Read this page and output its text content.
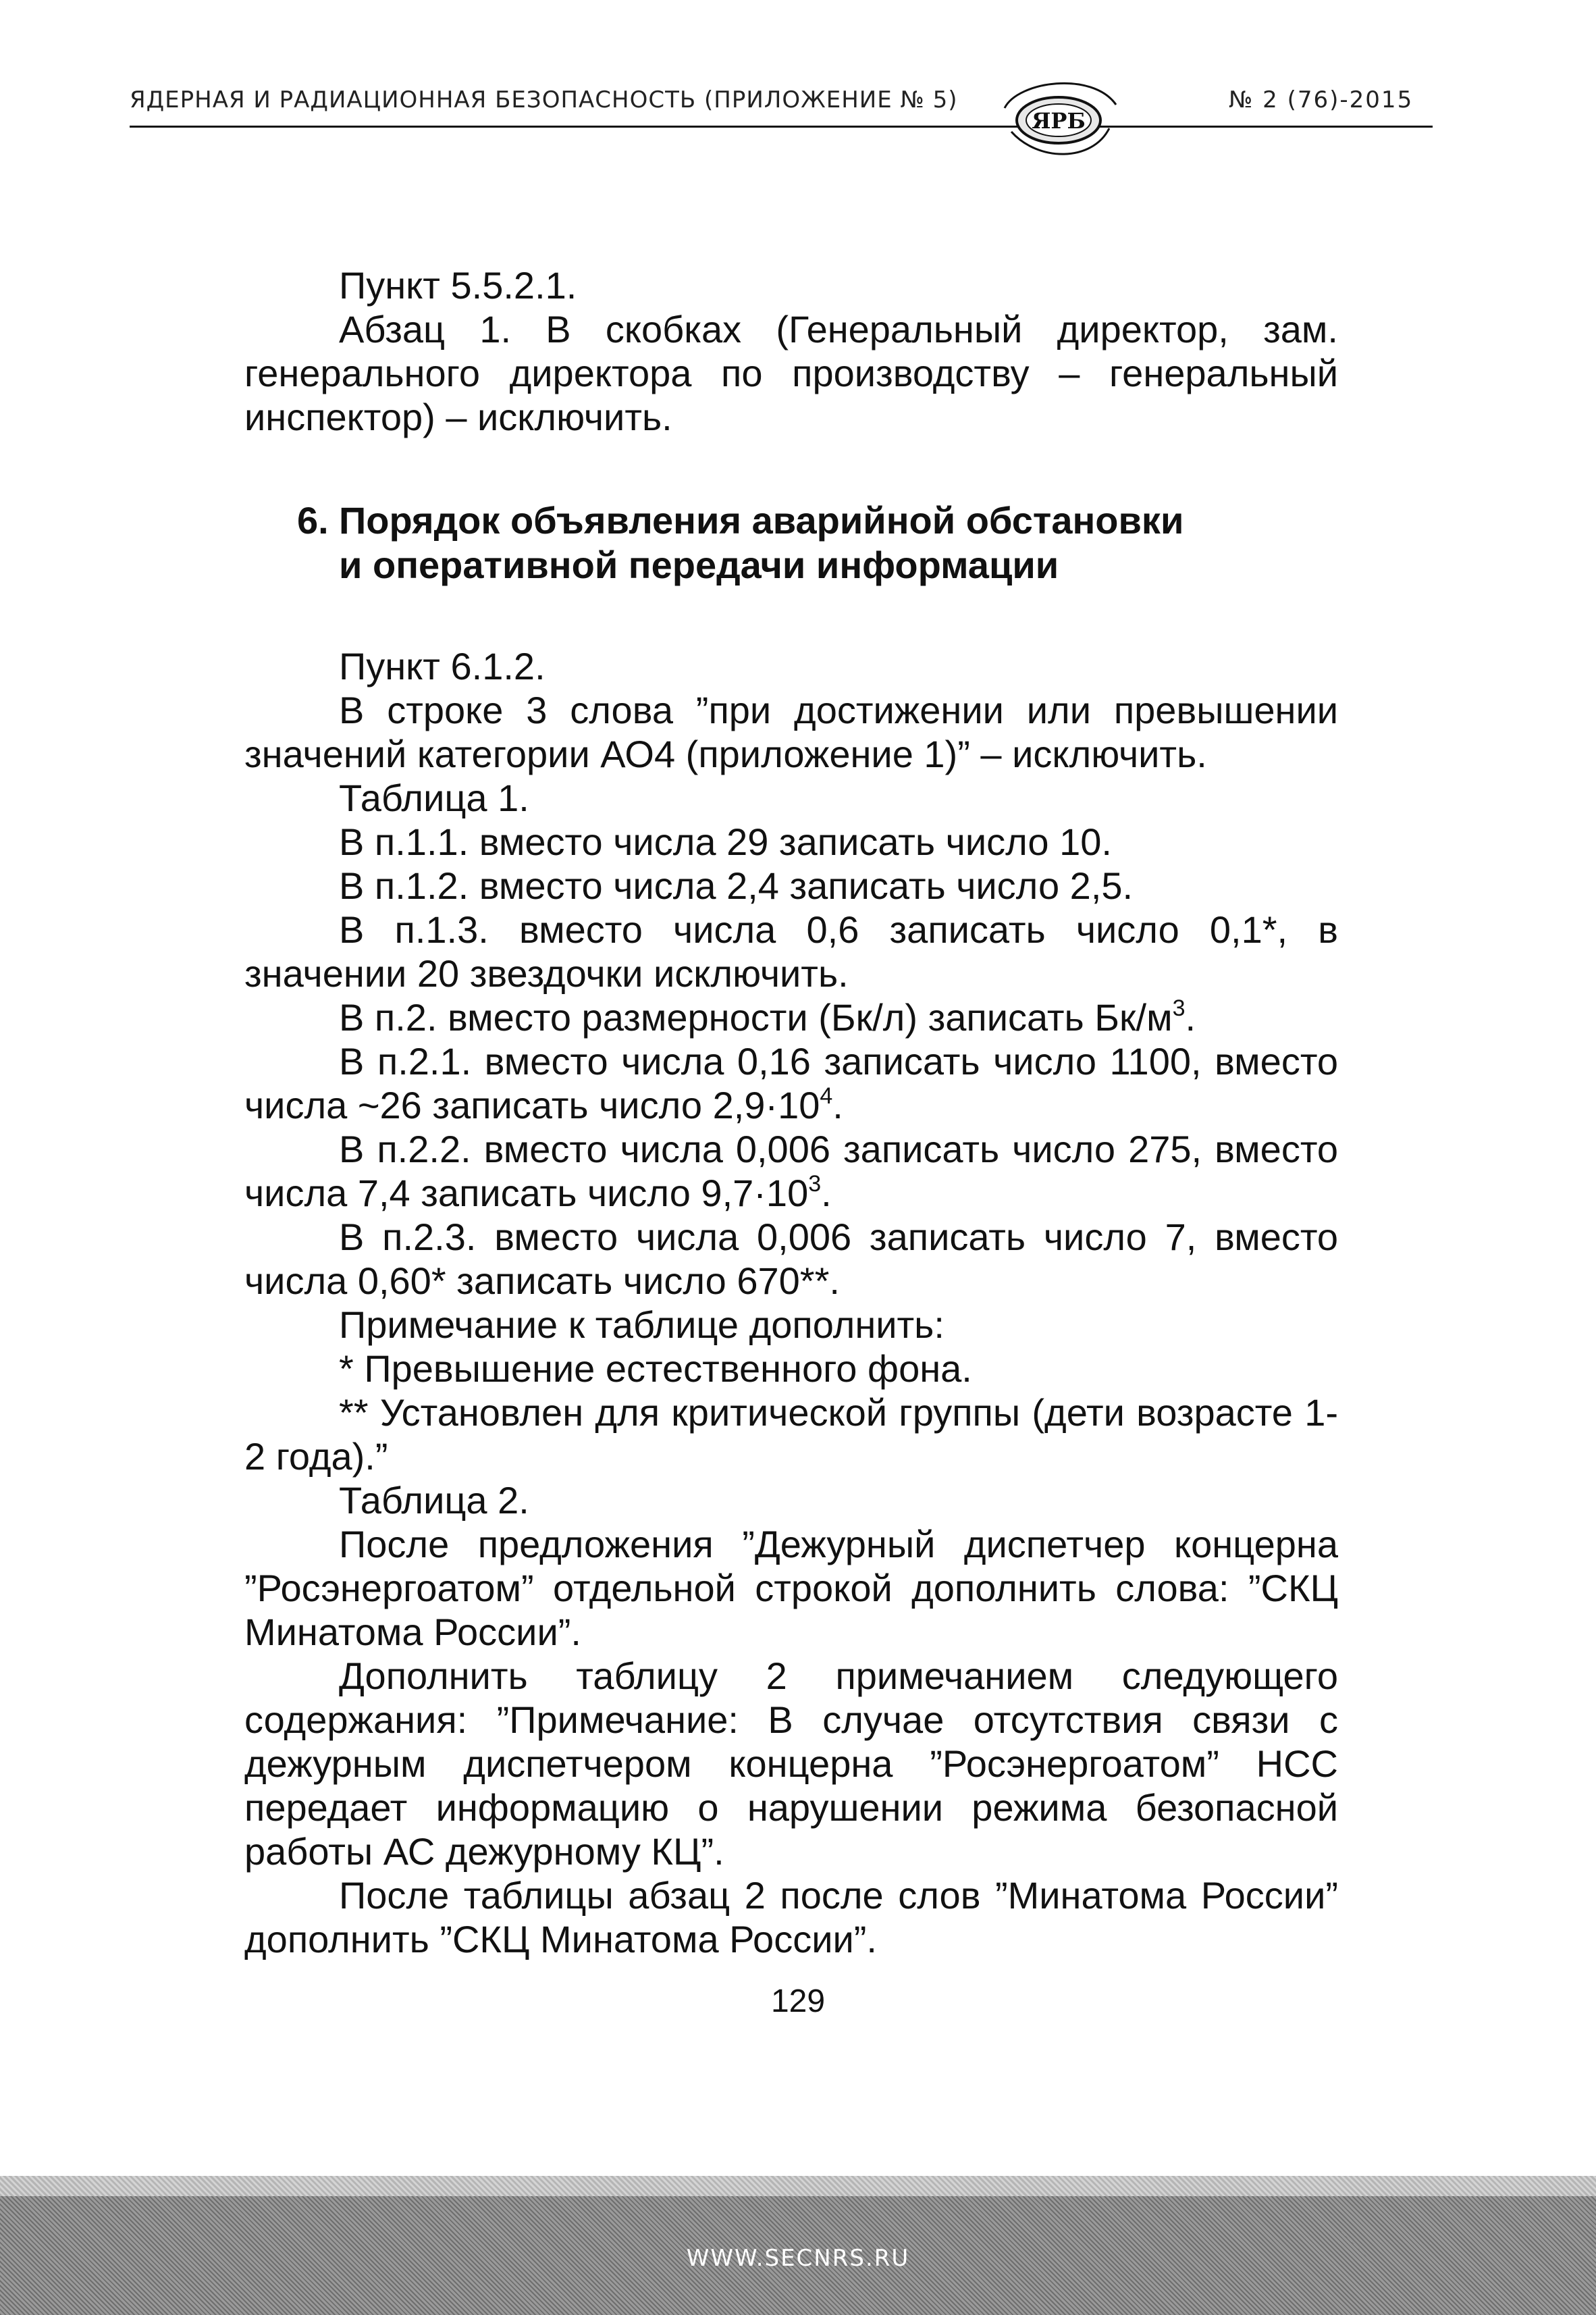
ЯДЕРНАЯ И РАДИАЦИОННАЯ БЕЗОПАСНОСТЬ (ПРИЛОЖЕНИЕ № 5)
ЯРБ
№ 2 (76)-2015
Пункт 5.5.2.1.
Абзац 1. В скобках (Генеральный директор, зам.
генерального директора по производству – генеральный
инспектор) – исключить.
6. Порядок объявления аварийной обстановки
и оперативной передачи информации
Пункт 6.1.2.
В строке 3 слова ”при достижении или превышении
значений категории АО4 (приложение 1)” – исключить.
Таблица 1.
В п.1.1. вместо числа 29 записать число 10.
В п.1.2. вместо числа 2,4 записать число 2,5.
В п.1.3. вместо числа 0,6 записать число 0,1*, в
значении 20 звездочки исключить.
В п.2. вместо размерности (Бк/л) записать $Бк/м^3$.
В п.2.1. вместо числа 0,16 записать число 1100, вместо
числа ~26 записать число $2,9\cdot 10^4$.
В п.2.2. вместо числа 0,006 записать число 275, вместо
числа 7,4 записать число $9,7\cdot 10^3$.
В п.2.3. вместо числа 0,006 записать число 7, вместо
числа 0,60* записать число 670**.
Примечание к таблице дополнить:
* Превышение естественного фона.
** Установлен для критической группы (дети возрасте 1-
2 года).”
Таблица 2.
После предложения ”Дежурный диспетчер концерна
”Росэнергоатом” отдельной строкой дополнить слова: ”СКЦ
Минатома России”.
Дополнить таблицу 2 примечанием следующего
содержания: ”Примечание: В случае отсутствия связи с
дежурным диспетчером концерна ”Росэнергоатом” НСС
передает информацию о нарушении режима безопасной
работы АС дежурному КЦ”.
После таблицы абзац 2 после слов ”Минатома России”
дополнить ”СКЦ Минатома России”.
129
WWW.SECNRS.RU
